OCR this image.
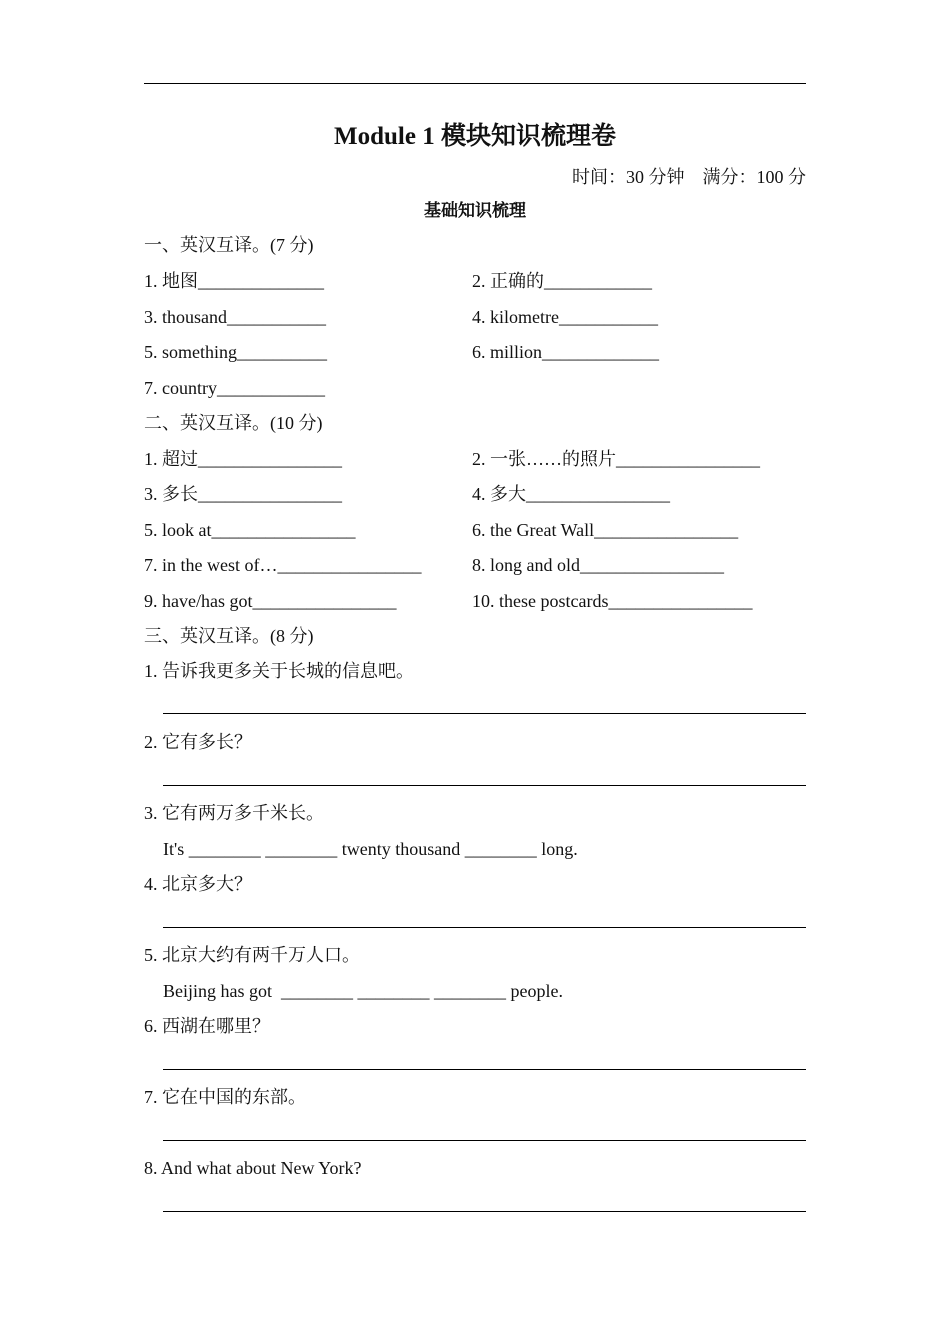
Module 1 模块知识梳理卷
时间：30 分钟    满分：100 分
基础知识梳理
一、英汉互译。(7 分)
1. 地图______________	2. 正确的____________
3. thousand___________	4. kilometre___________
5. something__________	6. million_____________
7. country____________
二、英汉互译。(10 分)
1. 超过________________	2. 一张……的照片________________
3. 多长________________	4. 多大________________
5. look at________________	6. the Great Wall________________
7. in the west of…________________	8. long and old________________
9. have/has got________________	10. these postcards________________
三、英汉互译。(8 分)
1. 告诉我更多关于长城的信息吧。
2. 它有多长？
3. 它有两万多千米长。
It's ________ ________ twenty thousand ________ long.
4. 北京多大？
5. 北京大约有两千万人口。
Beijing has got  ________ ________ ________ people.
6. 西湖在哪里？
7. 它在中国的东部。
8. And what about New York?
